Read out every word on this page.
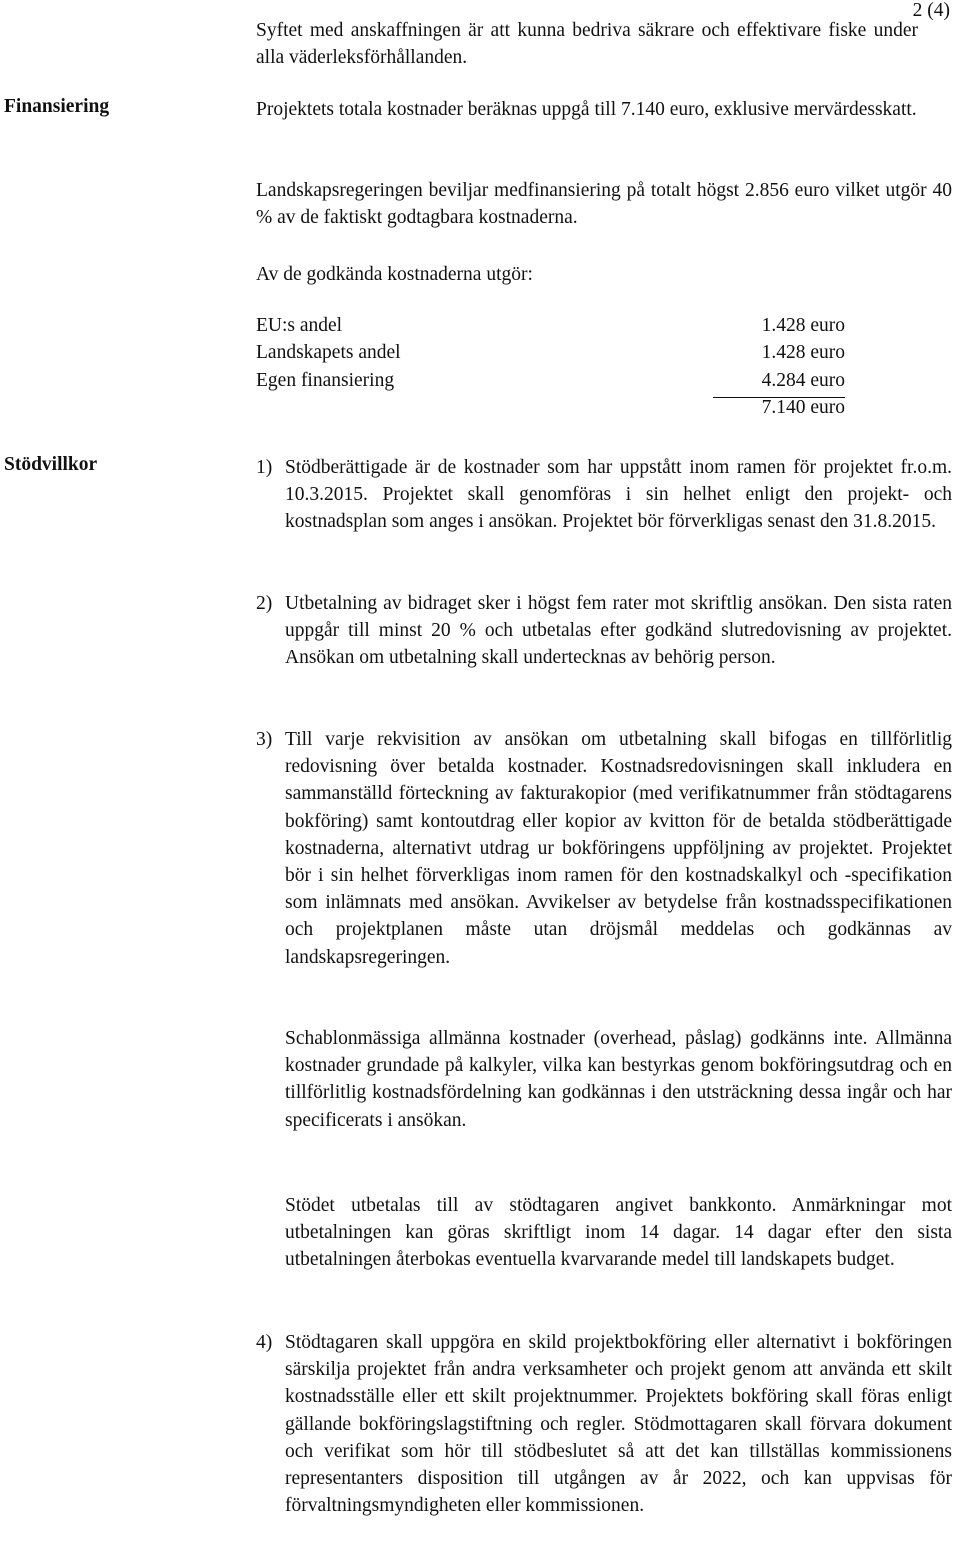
2 (4)

Syftet med anskaffningen är att kunna bedriva säkrare och effektivare fiske under alla väderleksförhållanden.

Finansiering	Projektets totala kostnader beräknas uppgå till 7.140 euro, exklusive mervärdesskatt.

Landskapsregeringen beviljar medfinansiering på totalt högst 2.856 euro vilket utgör 40 % av de faktiskt godtagbara kostnaderna.

Av de godkända kostnaderna utgör:

EU:s andel	1.428 euro
Landskapets andel	1.428 euro
Egen finansiering	4.284 euro
7.140 euro
Stödvillkor	1) Stödberättigade är de kostnader som har uppstått inom ramen för projektet fr.o.m. 10.3.2015. Projektet skall genomföras i sin helhet enligt den projekt- och kostnadsplan som anges i ansökan. Projektet bör förverkligas senast den 31.8.2015.

2) Utbetalning av bidraget sker i högst fem rater mot skriftlig ansökan. Den sista raten uppgår till minst 20 % och utbetalas efter godkänd slutredovisning av projektet. Ansökan om utbetalning skall undertecknas av behörig person.

3) Till varje rekvisition av ansökan om utbetalning skall bifogas en tillförlitlig redovisning över betalda kostnader. Kostnadsredovisningen skall inkludera en sammanställd förteckning av fakturakopior (med verifikatnummer från stödtagarens bokföring) samt kontoutdrag eller kopior av kvitton för de betalda stödberättigade kostnaderna, alternativt utdrag ur bokföringens uppföljning av projektet. Projektet bör i sin helhet förverkligas inom ramen för den kostnadskalkyl och -specifikation som inlämnats med ansökan. Avvikelser av betydelse från kostnadsspecifikationen och projektplanen måste utan dröjsmål meddelas och godkännas av landskapsregeringen.

Schablonmässiga allmänna kostnader (overhead, påslag) godkänns inte. Allmänna kostnader grundade på kalkyler, vilka kan bestyrkas genom bokföringsutdrag och en tillförlitlig kostnadsfördelning kan godkännas i den utsträckning dessa ingår och har specificerats i ansökan.

Stödet utbetalas till av stödtagaren angivet bankkonto. Anmärkningar mot utbetalningen kan göras skriftligt inom 14 dagar. 14 dagar efter den sista utbetalningen återbokas eventuella kvarvarande medel till landskapets budget.

4) Stödtagaren skall uppgöra en skild projektbokföring eller alternativt i bokföringen särskilja projektet från andra verksamheter och projekt genom att använda ett skilt kostnadsställe eller ett skilt projektnummer. Projektets bokföring skall föras enligt gällande bokföringslagstiftning och regler. Stödmottagaren skall förvara dokument och verifikat som hör till stödbeslutet så att det kan tillställas kommissionens representanters disposition till utgången av år 2022, och kan uppvisas för förvaltningsmyndigheten eller kommissionen.
